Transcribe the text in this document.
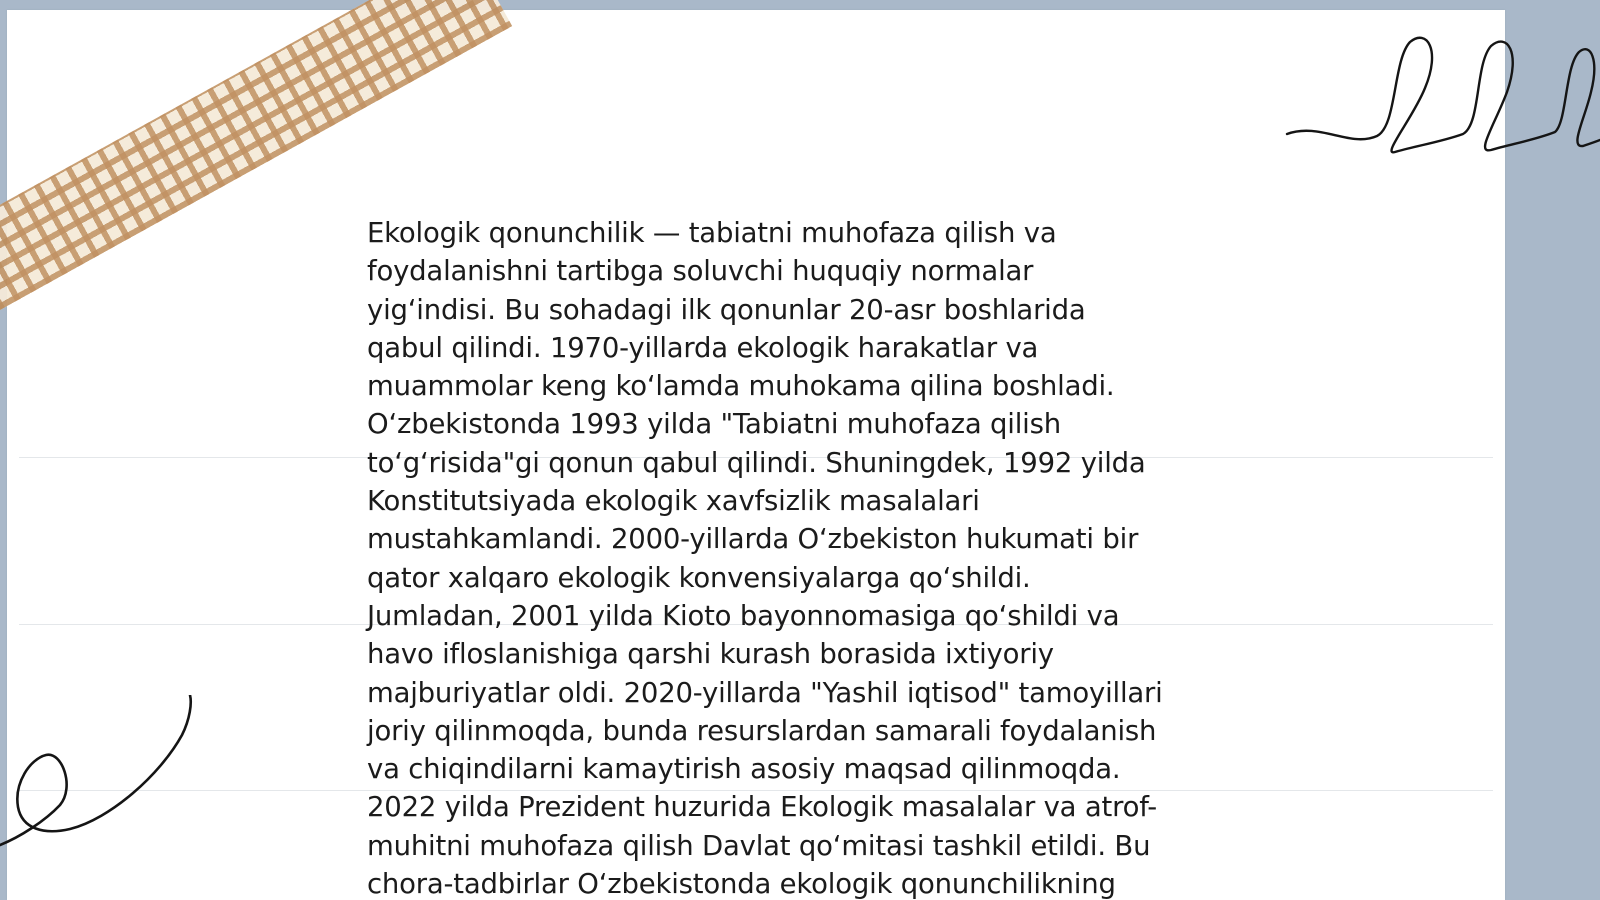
Ekologik qonunchilik — tabiatni muhofaza qilish va
foydalanishni tartibga soluvchi huquqiy normalar
yig‘indisi. Bu sohadagi ilk qonunlar 20-asr boshlarida
qabul qilindi. 1970-yillarda ekologik harakatlar va
muammolar keng ko‘lamda muhokama qilina boshladi.
O‘zbekistonda 1993 yilda "Tabiatni muhofaza qilish
to‘g‘risida"gi qonun qabul qilindi. Shuningdek, 1992 yilda
Konstitutsiyada ekologik xavfsizlik masalalari
mustahkamlandi. 2000-yillarda O‘zbekiston hukumati bir
qator xalqaro ekologik konvensiyalarga qo‘shildi.
Jumladan, 2001 yilda Kioto bayonnomasiga qo‘shildi va
havo ifloslanishiga qarshi kurash borasida ixtiyoriy
majburiyatlar oldi. 2020-yillarda "Yashil iqtisod" tamoyillari
joriy qilinmoqda, bunda resurslardan samarali foydalanish
va chiqindilarni kamaytirish asosiy maqsad qilinmoqda.
2022 yilda Prezident huzurida Ekologik masalalar va atrof-
muhitni muhofaza qilish Davlat qo‘mitasi tashkil etildi. Bu
chora-tadbirlar O‘zbekistonda ekologik qonunchilikning
